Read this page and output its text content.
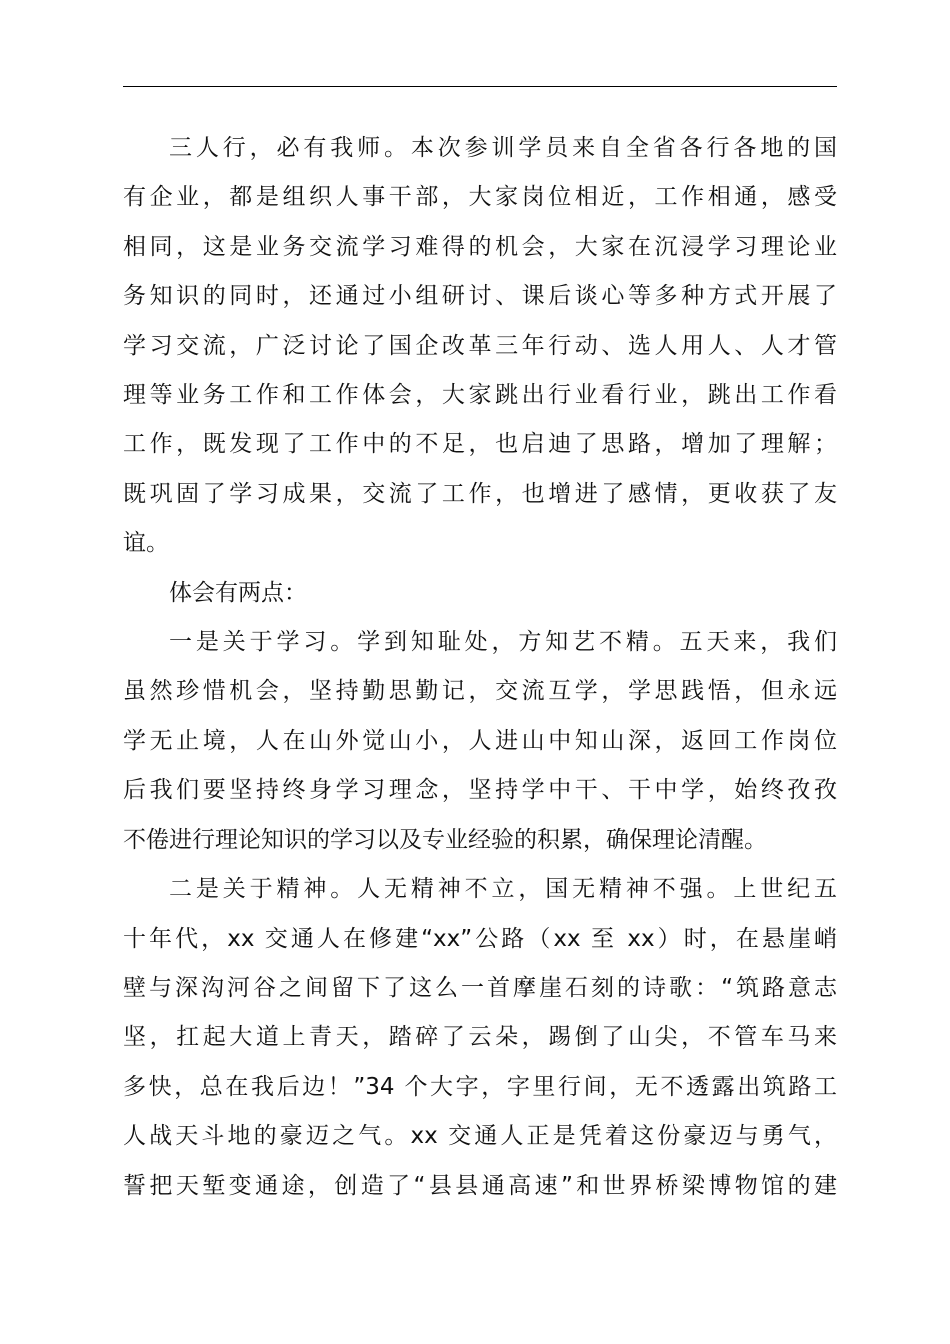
三人行，必有我师。本次参训学员来自全省各行各地的国
有企业，都是组织人事干部，大家岗位相近，工作相通，感受
相同，这是业务交流学习难得的机会，大家在沉浸学习理论业
务知识的同时，还通过小组研讨、课后谈心等多种方式开展了
学习交流，广泛讨论了国企改革三年行动、选人用人、人才管
理等业务工作和工作体会，大家跳出行业看行业，跳出工作看
工作，既发现了工作中的不足，也启迪了思路，增加了理解；
既巩固了学习成果，交流了工作，也增进了感情，更收获了友
谊。

体会有两点：

一是关于学习。学到知耻处，方知艺不精。五天来，我们
虽然珍惜机会，坚持勤思勤记，交流互学，学思践悟，但永远
学无止境，人在山外觉山小，人进山中知山深，返回工作岗位
后我们要坚持终身学习理念，坚持学中干、干中学，始终孜孜
不倦进行理论知识的学习以及专业经验的积累，确保理论清醒。

二是关于精神。人无精神不立，国无精神不强。上世纪五
十年代，xx 交通人在修建“xx”公路（xx 至 xx）时，在悬崖峭
壁与深沟河谷之间留下了这么一首摩崖石刻的诗歌：“筑路意志
坚，扛起大道上青天，踏碎了云朵，踢倒了山尖，不管车马来
多快，总在我后边！”34 个大字，字里行间，无不透露出筑路工
人战天斗地的豪迈之气。xx 交通人正是凭着这份豪迈与勇气，
誓把天堑变通途，创造了“县县通高速”和世界桥梁博物馆的建
